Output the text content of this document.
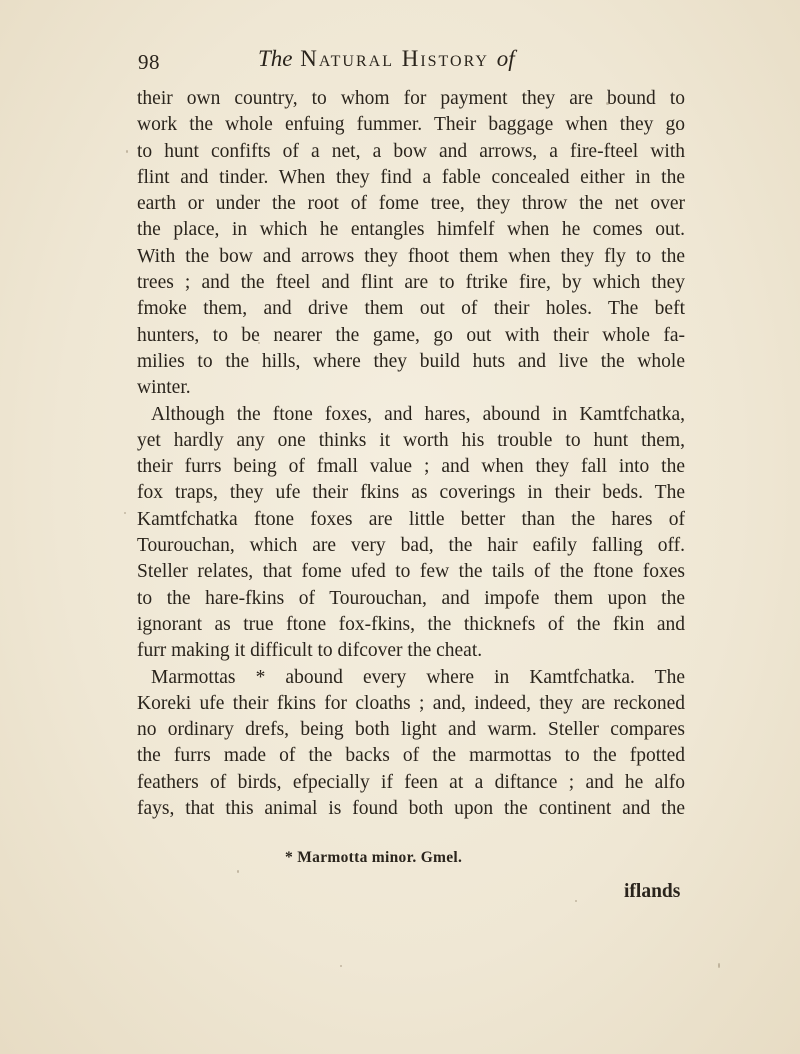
98	The Natural History of
their own country, to whom for payment they are bound to
work the whole enfuing fummer. Their baggage when they go
to hunt confifts of a net, a bow and arrows, a fire-fteel with
flint and tinder. When they find a fable concealed either in the
earth or under the root of fome tree, they throw the net over
the place, in which he entangles himfelf when he comes out.
With the bow and arrows they fhoot them when they fly to the
trees ; and the fteel and flint are to ftrike fire, by which they
fmoke them, and drive them out of their holes. The beft
hunters, to be nearer the game, go out with their whole fa-
milies to the hills, where they build huts and live the whole
winter.
Although the ftone foxes, and hares, abound in Kamtfchatka,
yet hardly any one thinks it worth his trouble to hunt them,
their furrs being of fmall value ; and when they fall into the
fox traps, they ufe their fkins as coverings in their beds. The
Kamtfchatka ftone foxes are little better than the hares of
Tourouchan, which are very bad, the hair eafily falling off.
Steller relates, that fome ufed to few the tails of the ftone foxes
to the hare-fkins of Tourouchan, and impofe them upon the
ignorant as true ftone fox-fkins, the thicknefs of the fkin and
furr making it difficult to difcover the cheat.
Marmottas * abound every where in Kamtfchatka. The
Koreki ufe their fkins for cloaths ; and, indeed, they are reckoned
no ordinary drefs, being both light and warm. Steller compares
the furrs made of the backs of the marmottas to the fpotted
feathers of birds, efpecially if feen at a diftance ; and he alfo
fays, that this animal is found both upon the continent and the
* Marmotta minor. Gmel.
iflands
